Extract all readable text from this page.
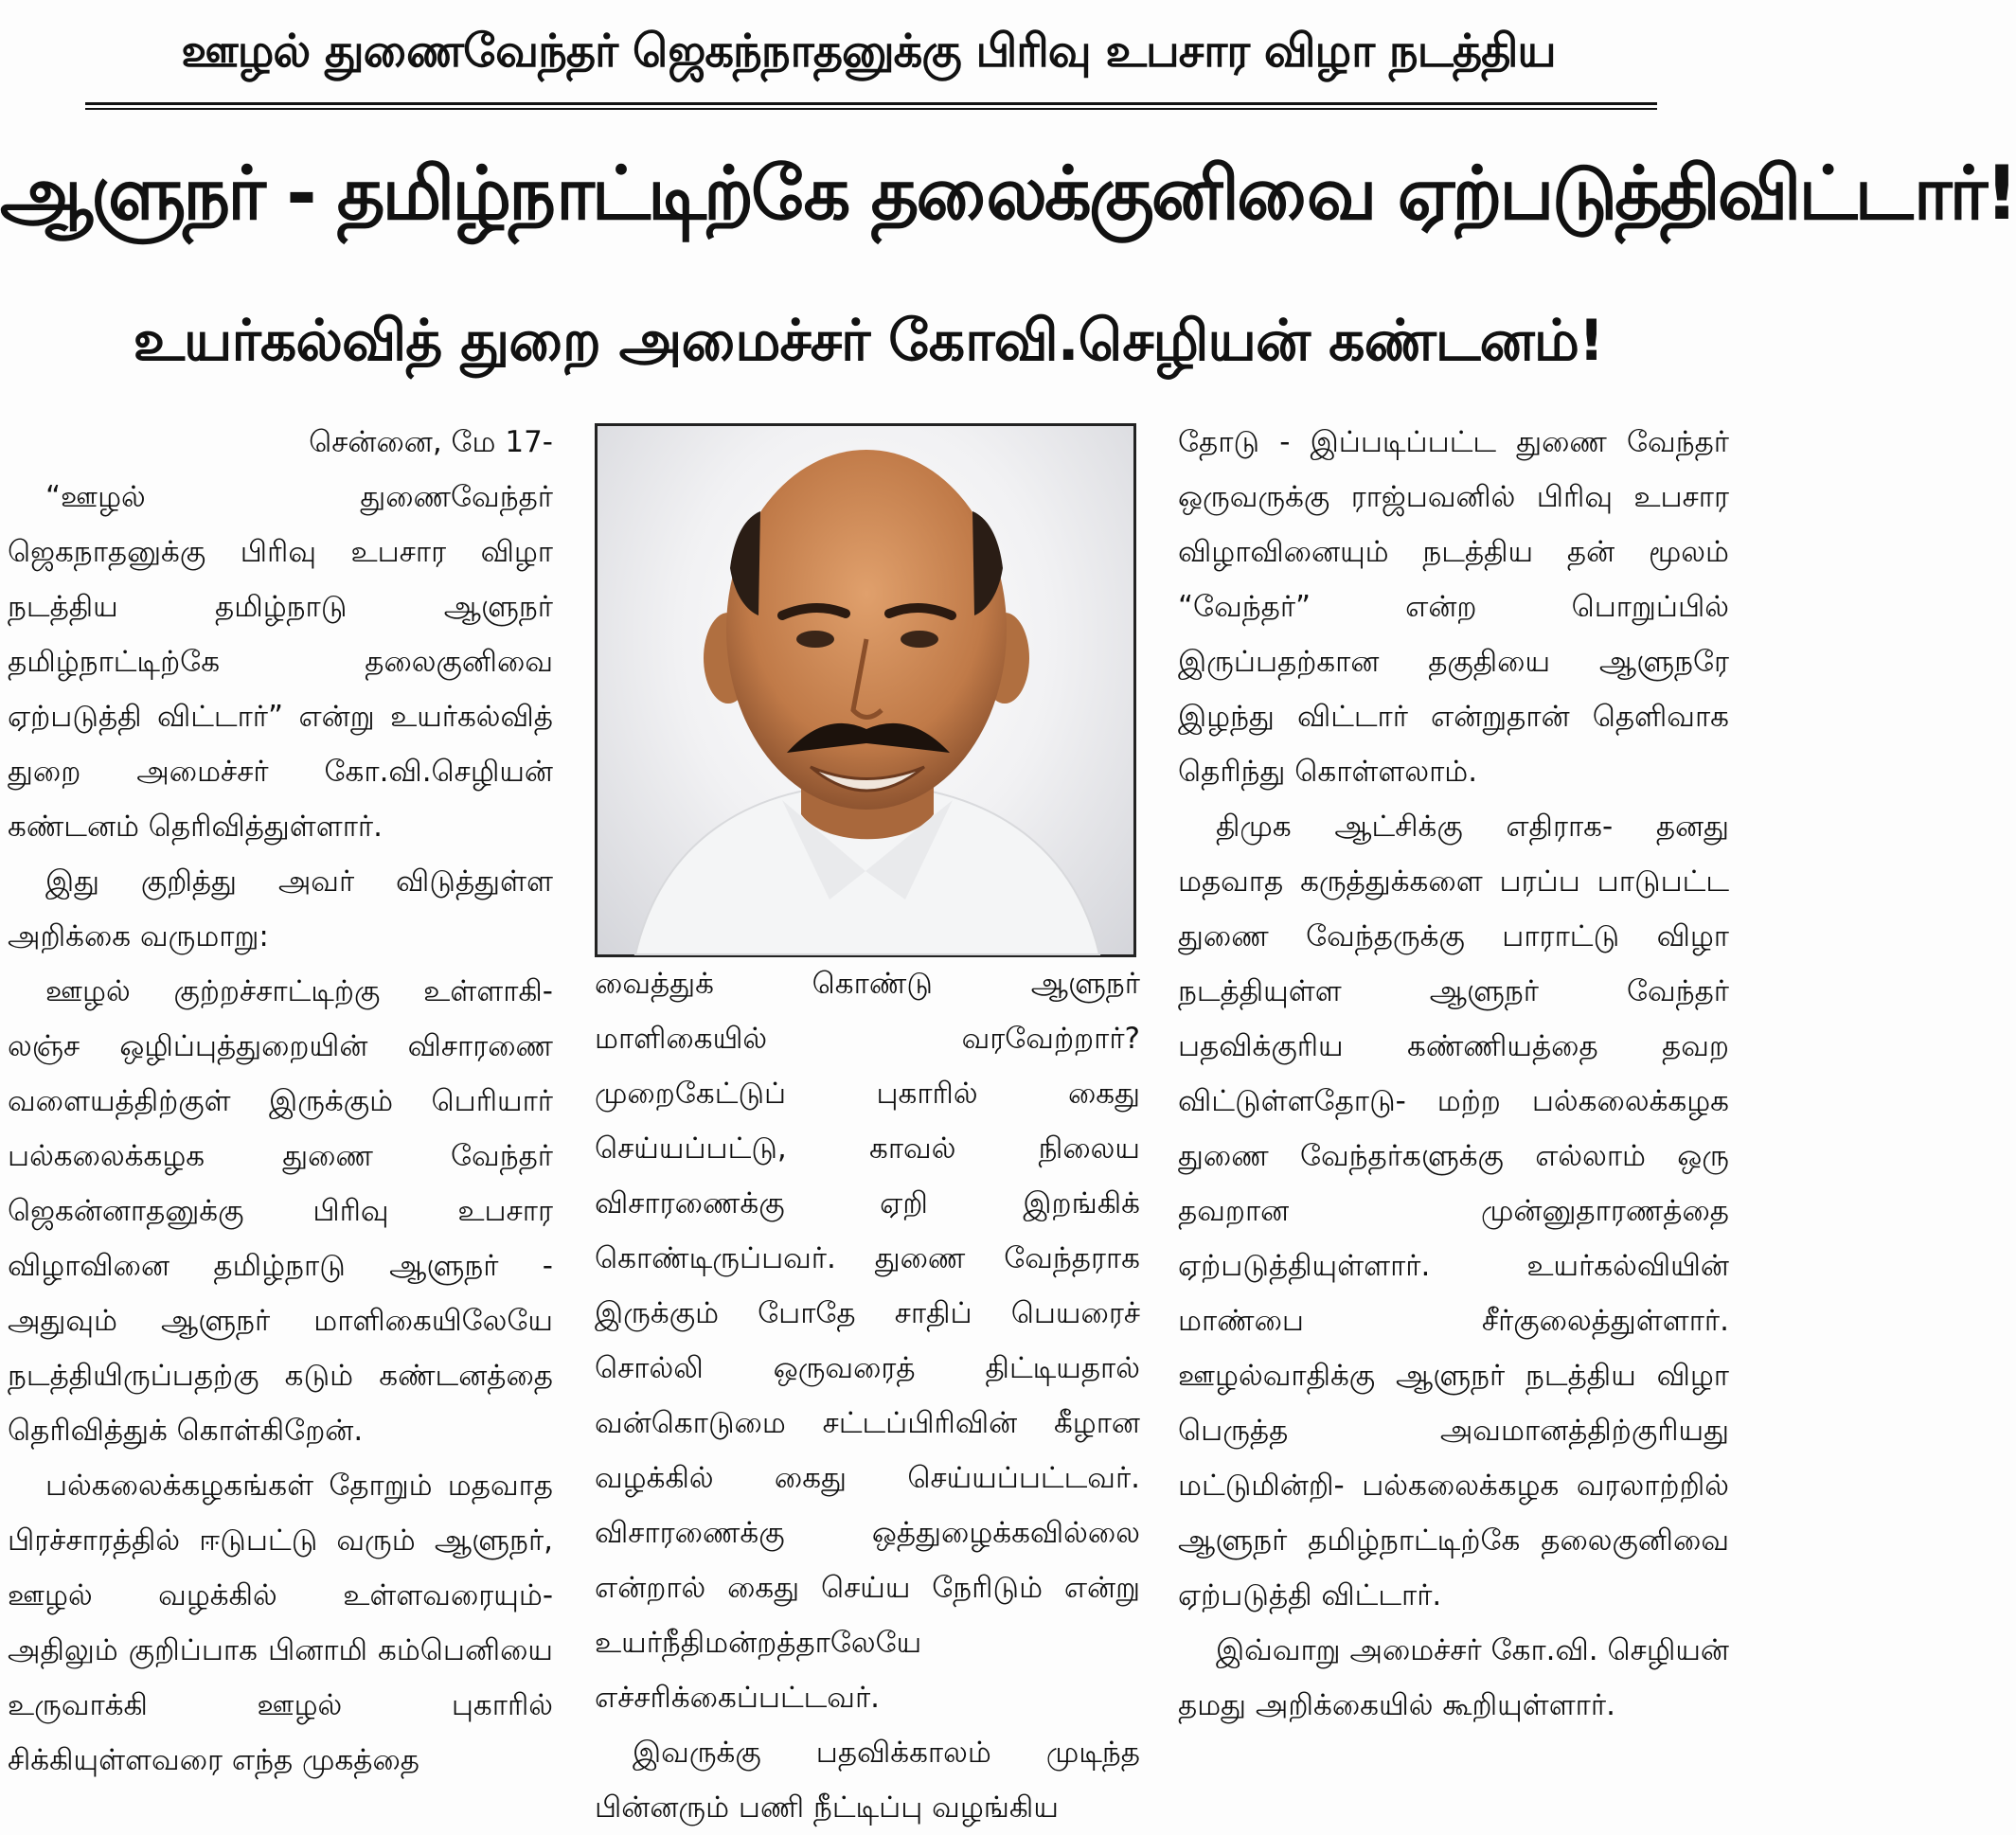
ஊழல் துணைவேந்தர் ஜெகந்நாதனுக்கு பிரிவு உபசார விழா நடத்திய
ஆளுநர் - தமிழ்நாட்டிற்கே தலைக்குனிவை ஏற்படுத்திவிட்டார்!
உயர்கல்வித் துறை அமைச்சர் கோவி.செழியன் கண்டனம்!

சென்னை, மே 17-

“ஊழல் துணைவேந்தர் ஜெகநாதனுக்கு பிரிவு உபசார விழா நடத்திய தமிழ்நாடு ஆளுநர் தமிழ்நாட்டிற்கே தலைகுனிவை ஏற்படுத்தி விட்டார்” என்று உயர்கல்வித் துறை அமைச்சர் கோ.வி.செழியன் கண்டனம் தெரிவித்துள்ளார்.

இது குறித்து அவர் விடுத்துள்ள அறிக்கை வருமாறு:

ஊழல் குற்றச்சாட்டிற்கு உள்ளாகி- லஞ்ச ஒழிப்புத்துறையின் விசாரணை வளையத்திற்குள் இருக்கும் பெரியார் பல்கலைக்கழக துணை வேந்தர் ஜெகன்னாதனுக்கு பிரிவு உபசார விழாவினை தமிழ்நாடு ஆளுநர் - அதுவும் ஆளுநர் மாளிகையிலேயே நடத்தியிருப்பதற்கு கடும் கண்டனத்தை தெரிவித்துக் கொள்கிறேன்.

பல்கலைக்கழகங்கள் தோறும் மதவாத பிரச்சாரத்தில் ஈடுபட்டு வரும் ஆளுநர், ஊழல் வழக்கில் உள்ளவரையும்- அதிலும் குறிப்பாக பினாமி கம்பெனியை உருவாக்கி ஊழல் புகாரில் சிக்கியுள்ளவரை எந்த முகத்தை

வைத்துக் கொண்டு ஆளுநர் மாளிகையில் வரவேற்றார்? முறைகேட்டுப் புகாரில் கைது செய்யப்பட்டு, காவல் நிலைய விசாரணைக்கு ஏறி இறங்கிக் கொண்டிருப்பவர். துணை வேந்தராக இருக்கும் போதே சாதிப் பெயரைச் சொல்லி ஒருவரைத் திட்டியதால் வன்கொடுமை சட்டப்பிரிவின் கீழான வழக்கில் கைது செய்யப்பட்டவர். விசாரணைக்கு ஒத்துழைக்கவில்லை என்றால் கைது செய்ய நேரிடும் என்று உயர்நீதிமன்றத்தாலேயே எச்சரிக்கைப்பட்டவர்.

இவருக்கு பதவிக்காலம் முடிந்த பின்னரும் பணி நீட்டிப்பு வழங்கிய

தோடு - இப்படிப்பட்ட துணை வேந்தர் ஒருவருக்கு ராஜ்பவனில் பிரிவு உபசார விழாவினையும் நடத்திய தன் மூலம் “வேந்தர்” என்ற பொறுப்பில் இருப்பதற்கான தகுதியை ஆளுநரே இழந்து விட்டார் என்றுதான் தெளிவாக தெரிந்து கொள்ளலாம்.

திமுக ஆட்சிக்கு எதிராக- தனது மதவாத கருத்துக்களை பரப்ப பாடுபட்ட துணை வேந்தருக்கு பாராட்டு விழா நடத்தியுள்ள ஆளுநர் வேந்தர் பதவிக்குரிய கண்ணியத்தை தவற விட்டுள்ளதோடு- மற்ற பல்கலைக்கழக துணை வேந்தர்களுக்கு எல்லாம் ஒரு தவறான முன்னுதாரணத்தை ஏற்படுத்தியுள்ளார். உயர்கல்வியின் மாண்பை சீர்குலைத்துள்ளார். ஊழல்வாதிக்கு ஆளுநர் நடத்திய விழா பெருத்த அவமானத்திற்குரியது மட்டுமின்றி- பல்கலைக்கழக வரலாற்றில் ஆளுநர் தமிழ்நாட்டிற்கே தலைகுனிவை ஏற்படுத்தி விட்டார்.

இவ்வாறு அமைச்சர் கோ.வி. செழியன் தமது அறிக்கையில் கூறியுள்ளார்.
